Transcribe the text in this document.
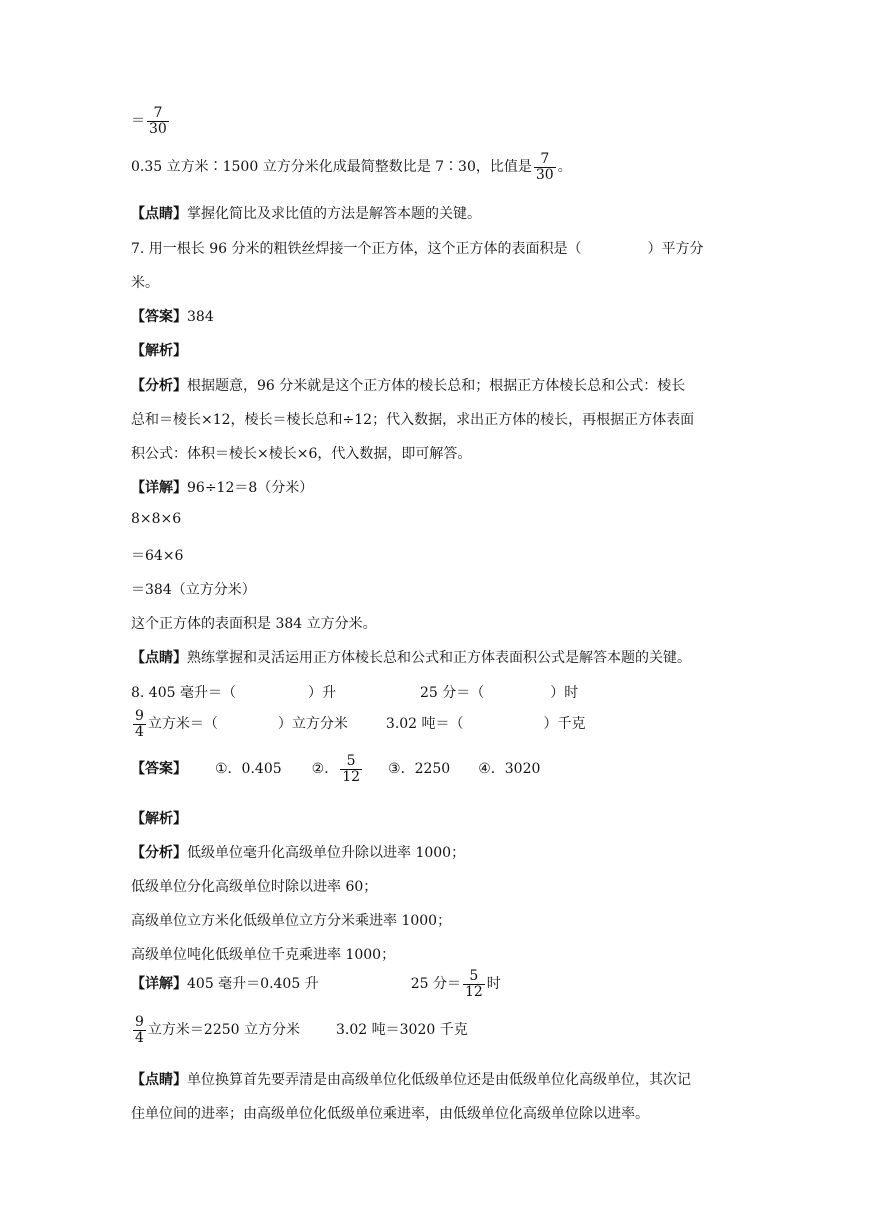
＝ $\frac{7}{30}$
0.35 立方米∶1500 立方分米化成最简整数比是 7∶30，比值是 $\frac{7}{30}$ 。
【点睛】掌握化简比及求比值的方法是解答本题的关键。
7. 用一根长 96 分米的粗铁丝焊接一个正方体，这个正方体的表面积是（	）平方分
米。
【答案】384
【解析】
【分析】根据题意，96 分米就是这个正方体的棱长总和；根据正方体棱长总和公式：棱长
总和＝棱长×12，棱长＝棱长总和÷12；代入数据，求出正方体的棱长，再根据正方体表面
积公式：体积＝棱长×棱长×6，代入数据，即可解答。
【详解】96÷12＝8（分米）
8×8×6
＝64×6
＝384（立方分米）
这个正方体的表面积是 384 立方分米。
【点睛】熟练掌握和灵活运用正方体棱长总和公式和正方体表面积公式是解答本题的关键。
8. 405 毫升＝（	）升	25 分＝（	）时
$\frac{9}{4}$ 立方米＝（	）立方分米	3.02 吨＝（	）千克
【答案】 ①．0.405 ②． $\frac{5}{12}$ ③．2250 ④．3020
【解析】
【分析】低级单位毫升化高级单位升除以进率 1000；
低级单位分化高级单位时除以进率 60；
高级单位立方米化低级单位立方分米乘进率 1000；
高级单位吨化低级单位千克乘进率 1000；
【详解】405 毫升＝0.405 升	25 分＝ $\frac{5}{12}$ 时
$\frac{9}{4}$ 立方米＝2250 立方分米	3.02 吨＝3020 千克
【点睛】单位换算首先要弄清是由高级单位化低级单位还是由低级单位化高级单位，其次记
住单位间的进率；由高级单位化低级单位乘进率，由低级单位化高级单位除以进率。
